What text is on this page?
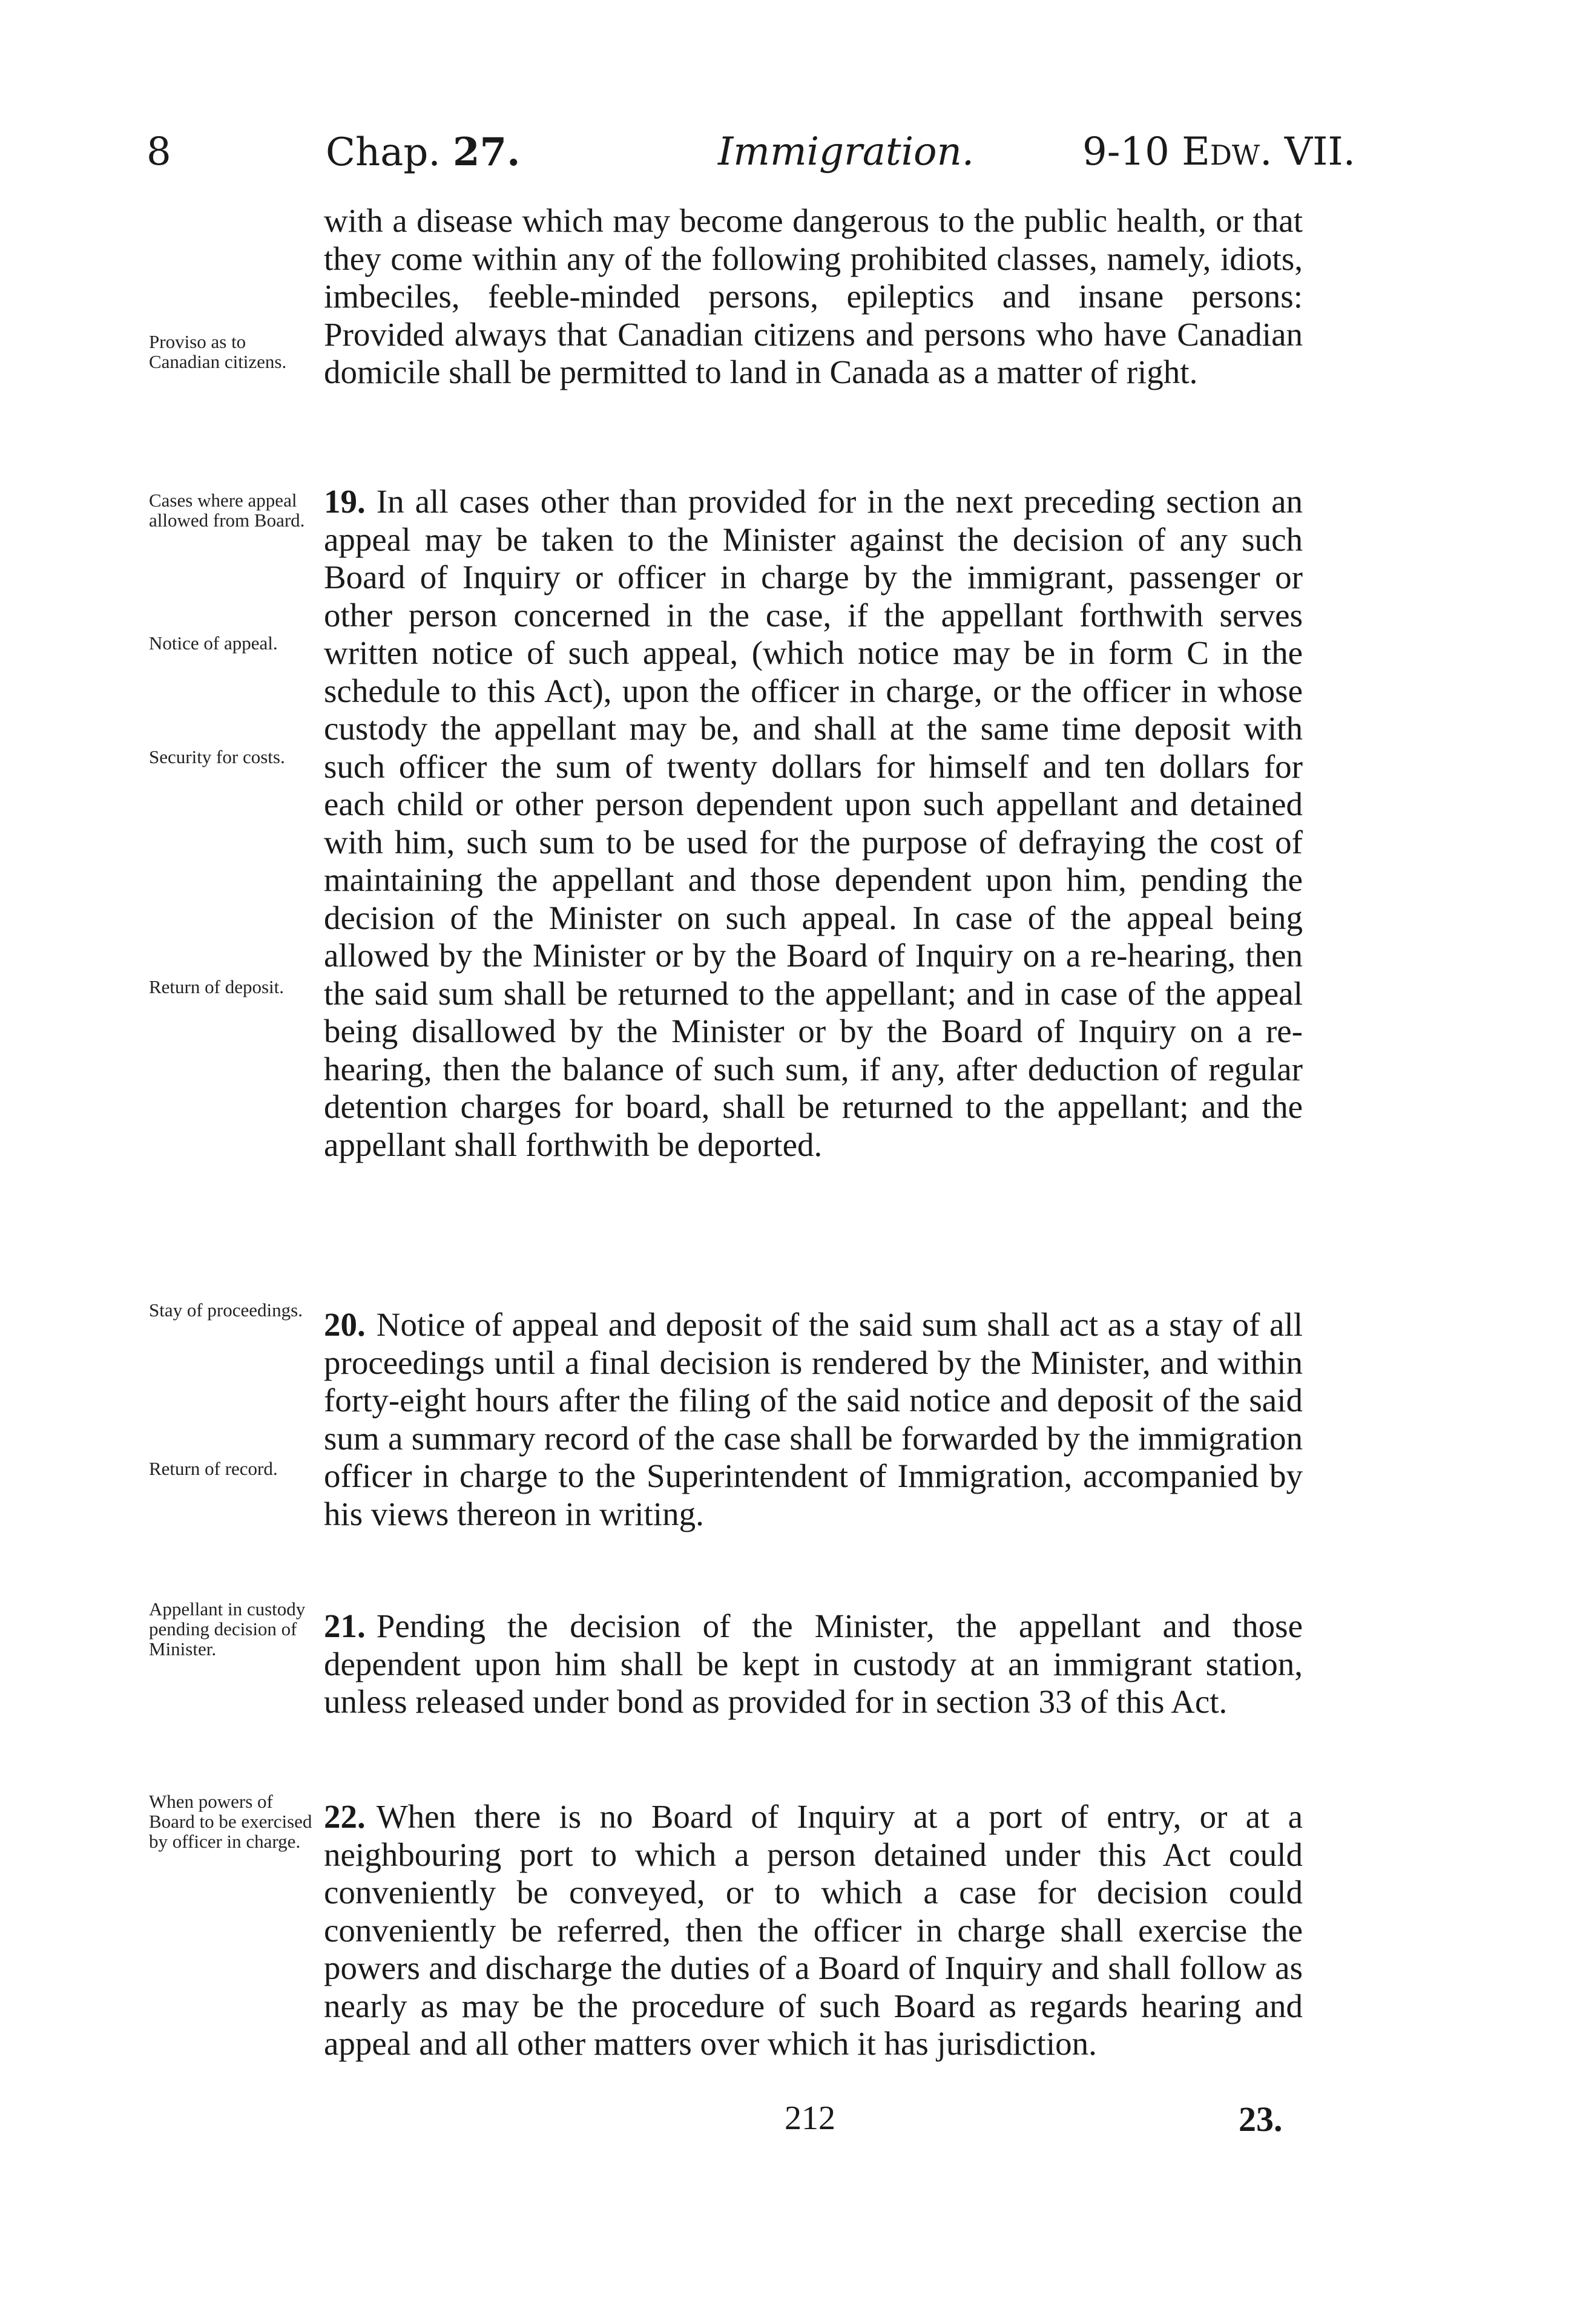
8	Chap. 27.	Immigration.	9-10 Edw. VII.
Proviso as to Canadian citizens.
Cases where appeal allowed from Board.
Notice of appeal.
Security for costs.
Return of deposit.
Stay of proceedings.
Return of record.
Appellant in custody pending decision of Minister.
When powers of Board to be exercised by officer in charge.

with a disease which may become dangerous to the public health, or that they come within any of the following prohibited classes, namely, idiots, imbeciles, feeble-minded persons, epileptics and insane persons: Provided always that Canadian citizens and persons who have Canadian domicile shall be permitted to land in Canada as a matter of right.

19. In all cases other than provided for in the next preceding section an appeal may be taken to the Minister against the decision of any such Board of Inquiry or officer in charge by the immigrant, passenger or other person concerned in the case, if the appellant forthwith serves written notice of such appeal, (which notice may be in form C in the schedule to this Act), upon the officer in charge, or the officer in whose custody the appellant may be, and shall at the same time deposit with such officer the sum of twenty dollars for himself and ten dollars for each child or other person dependent upon such appellant and detained with him, such sum to be used for the purpose of defraying the cost of maintaining the appellant and those dependent upon him, pending the decision of the Minister on such appeal. In case of the appeal being allowed by the Minister or by the Board of Inquiry on a re-hearing, then the said sum shall be returned to the appellant; and in case of the appeal being disallowed by the Minister or by the Board of Inquiry on a re-hearing, then the balance of such sum, if any, after deduction of regular detention charges for board, shall be returned to the appellant; and the appellant shall forthwith be deported.

20. Notice of appeal and deposit of the said sum shall act as a stay of all proceedings until a final decision is rendered by the Minister, and within forty-eight hours after the filing of the said notice and deposit of the said sum a summary record of the case shall be forwarded by the immigration officer in charge to the Superintendent of Immigration, accompanied by his views thereon in writing.

21. Pending the decision of the Minister, the appellant and those dependent upon him shall be kept in custody at an immigrant station, unless released under bond as provided for in section 33 of this Act.

22. When there is no Board of Inquiry at a port of entry, or at a neighbouring port to which a person detained under this Act could conveniently be conveyed, or to which a case for decision could conveniently be referred, then the officer in charge shall exercise the powers and discharge the duties of a Board of Inquiry and shall follow as nearly as may be the procedure of such Board as regards hearing and appeal and all other matters over which it has jurisdiction.

212	23.
